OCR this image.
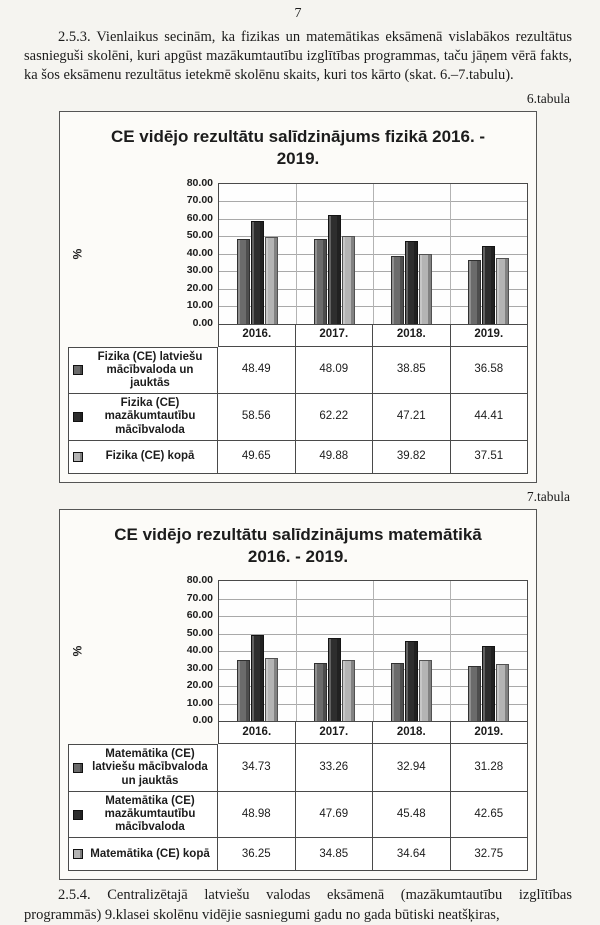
7

2.5.3. Vienlaikus secinām, ka fizikas un matemātikas eksāmenā vislabākos rezultātus sasnieguši skolēni, kuri apgūst mazākumtautību izglītības programmas, taču jāņem vērā fakts, ka šos eksāmenu rezultātus ietekmē skolēnu skaits, kuri tos kārto (skat. 6.–7.tabulu).

6.tabula
CE vidējo rezultātu salīdzinājums fizikā 2016. - 2019.
%
0.00
10.00
20.00
30.00
40.00
50.00
60.00
70.00
80.00
2016.	2017.	2018.	2019.
Fizika (CE) latviešu mācībvaloda un jauktās
48.49	48.09	38.85	36.58
Fizika (CE) mazākumtautību mācībvaloda
58.56	62.22	47.21	44.41
Fizika (CE) kopā	49.65	49.88	39.82	37.51
7.tabula
CE vidējo rezultātu salīdzinājums matemātikā 2016. - 2019.
%
0.00
10.00
20.00
30.00
40.00
50.00
60.00
70.00
80.00
2016.	2017.	2018.	2019.
Matemātika (CE) latviešu mācībvaloda un jauktās
34.73	33.26	32.94	31.28
Matemātika (CE) mazākumtautību mācībvaloda
48.98	47.69	45.48	42.65
Matemātika (CE) kopā	36.25	34.85	34.64	32.75

2.5.4. Centralizētajā latviešu valodas eksāmenā (mazākumtautību izglītības programmās) 9.klasei skolēnu vidējie sasniegumi gadu no gada būtiski neatšķiras,
